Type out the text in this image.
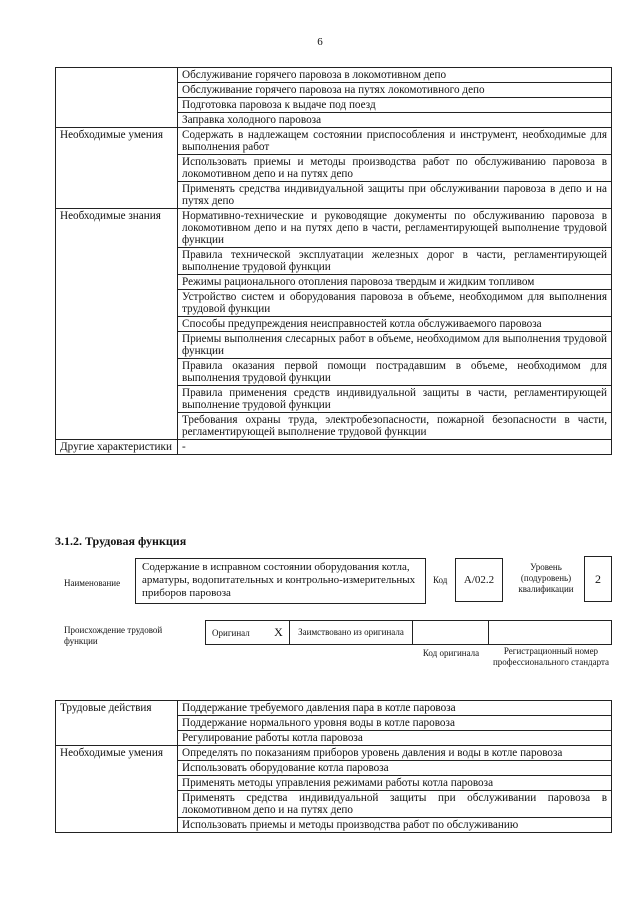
6
	Обслуживание горячего паровоза в локомотивном депо
	Обслуживание горячего паровоза на путях локомотивного депо
	Подготовка паровоза к выдаче под поезд
	Заправка холодного паровоза
Необходимые умения	Содержать в надлежащем состоянии приспособления и инструмент, необходимые для выполнения работ
	Использовать приемы и методы производства работ по обслуживанию паровоза в локомотивном депо и на путях депо
	Применять средства индивидуальной защиты при обслуживании паровоза в депо и на путях депо
Необходимые знания	Нормативно-технические и руководящие документы по обслуживанию паровоза в локомотивном депо и на путях депо в части, регламентирующей выполнение трудовой функции
	Правила технической эксплуатации железных дорог в части, регламентирующей выполнение трудовой функции
	Режимы рационального отопления паровоза твердым и жидким топливом
	Устройство систем и оборудования паровоза в объеме, необходимом для выполнения трудовой функции
	Способы предупреждения неисправностей котла обслуживаемого паровоза
	Приемы выполнения слесарных работ в объеме, необходимом для выполнения трудовой функции
	Правила оказания первой помощи пострадавшим в объеме, необходимом для выполнения трудовой функции
	Правила применения средств индивидуальной защиты в части, регламентирующей выполнение трудовой функции
	Требования охраны труда, электробезопасности, пожарной безопасности в части, регламентирующей выполнение трудовой функции
Другие характеристики	-
3.1.2. Трудовая функция
Наименование
Содержание в исправном состоянии оборудования котла, арматуры, водопитательных и контрольно-измерительных приборов паровоза
Код	А/02.2
Уровень (подуровень) квалификации
2
Происхождение трудовой функции
Оригинал	X	Заимствовано из оригинала
Код оригинала	Регистрационный номер профессионального стандарта
Трудовые действия	Поддержание требуемого давления пара в котле паровоза
	Поддержание нормального уровня воды в котле паровоза
	Регулирование работы котла паровоза
Необходимые умения	Определять по показаниям приборов уровень давления и воды в котле паровоза
	Использовать оборудование котла паровоза
	Применять методы управления режимами работы котла паровоза
	Применять средства индивидуальной защиты при обслуживании паровоза в локомотивном депо и на путях депо
	Использовать приемы и методы производства работ по обслуживанию
